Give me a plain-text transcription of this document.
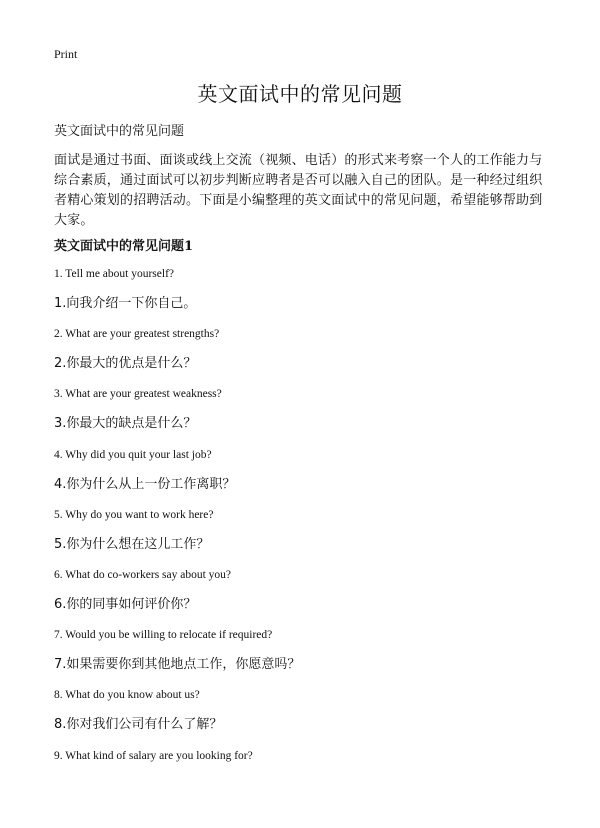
Print
英文面试中的常见问题
英文面试中的常见问题
面试是通过书面、面谈或线上交流（视频、电话）的形式来考察一个人的工作能力与综合素质，通过面试可以初步判断应聘者是否可以融入自己的团队。是一种经过组织者精心策划的招聘活动。下面是小编整理的英文面试中的常见问题，希望能够帮助到大家。
英文面试中的常见问题1
1. Tell me about yourself?
1.向我介绍一下你自己。
2. What are your greatest strengths?
2.你最大的优点是什么？
3. What are your greatest weakness?
3.你最大的缺点是什么？
4. Why did you quit your last job?
4.你为什么从上一份工作离职？
5. Why do you want to work here?
5.你为什么想在这儿工作？
6. What do co-workers say about you?
6.你的同事如何评价你？
7. Would you be willing to relocate if required?
7.如果需要你到其他地点工作，你愿意吗？
8. What do you know about us?
8.你对我们公司有什么了解？
9. What kind of salary are you looking for?
